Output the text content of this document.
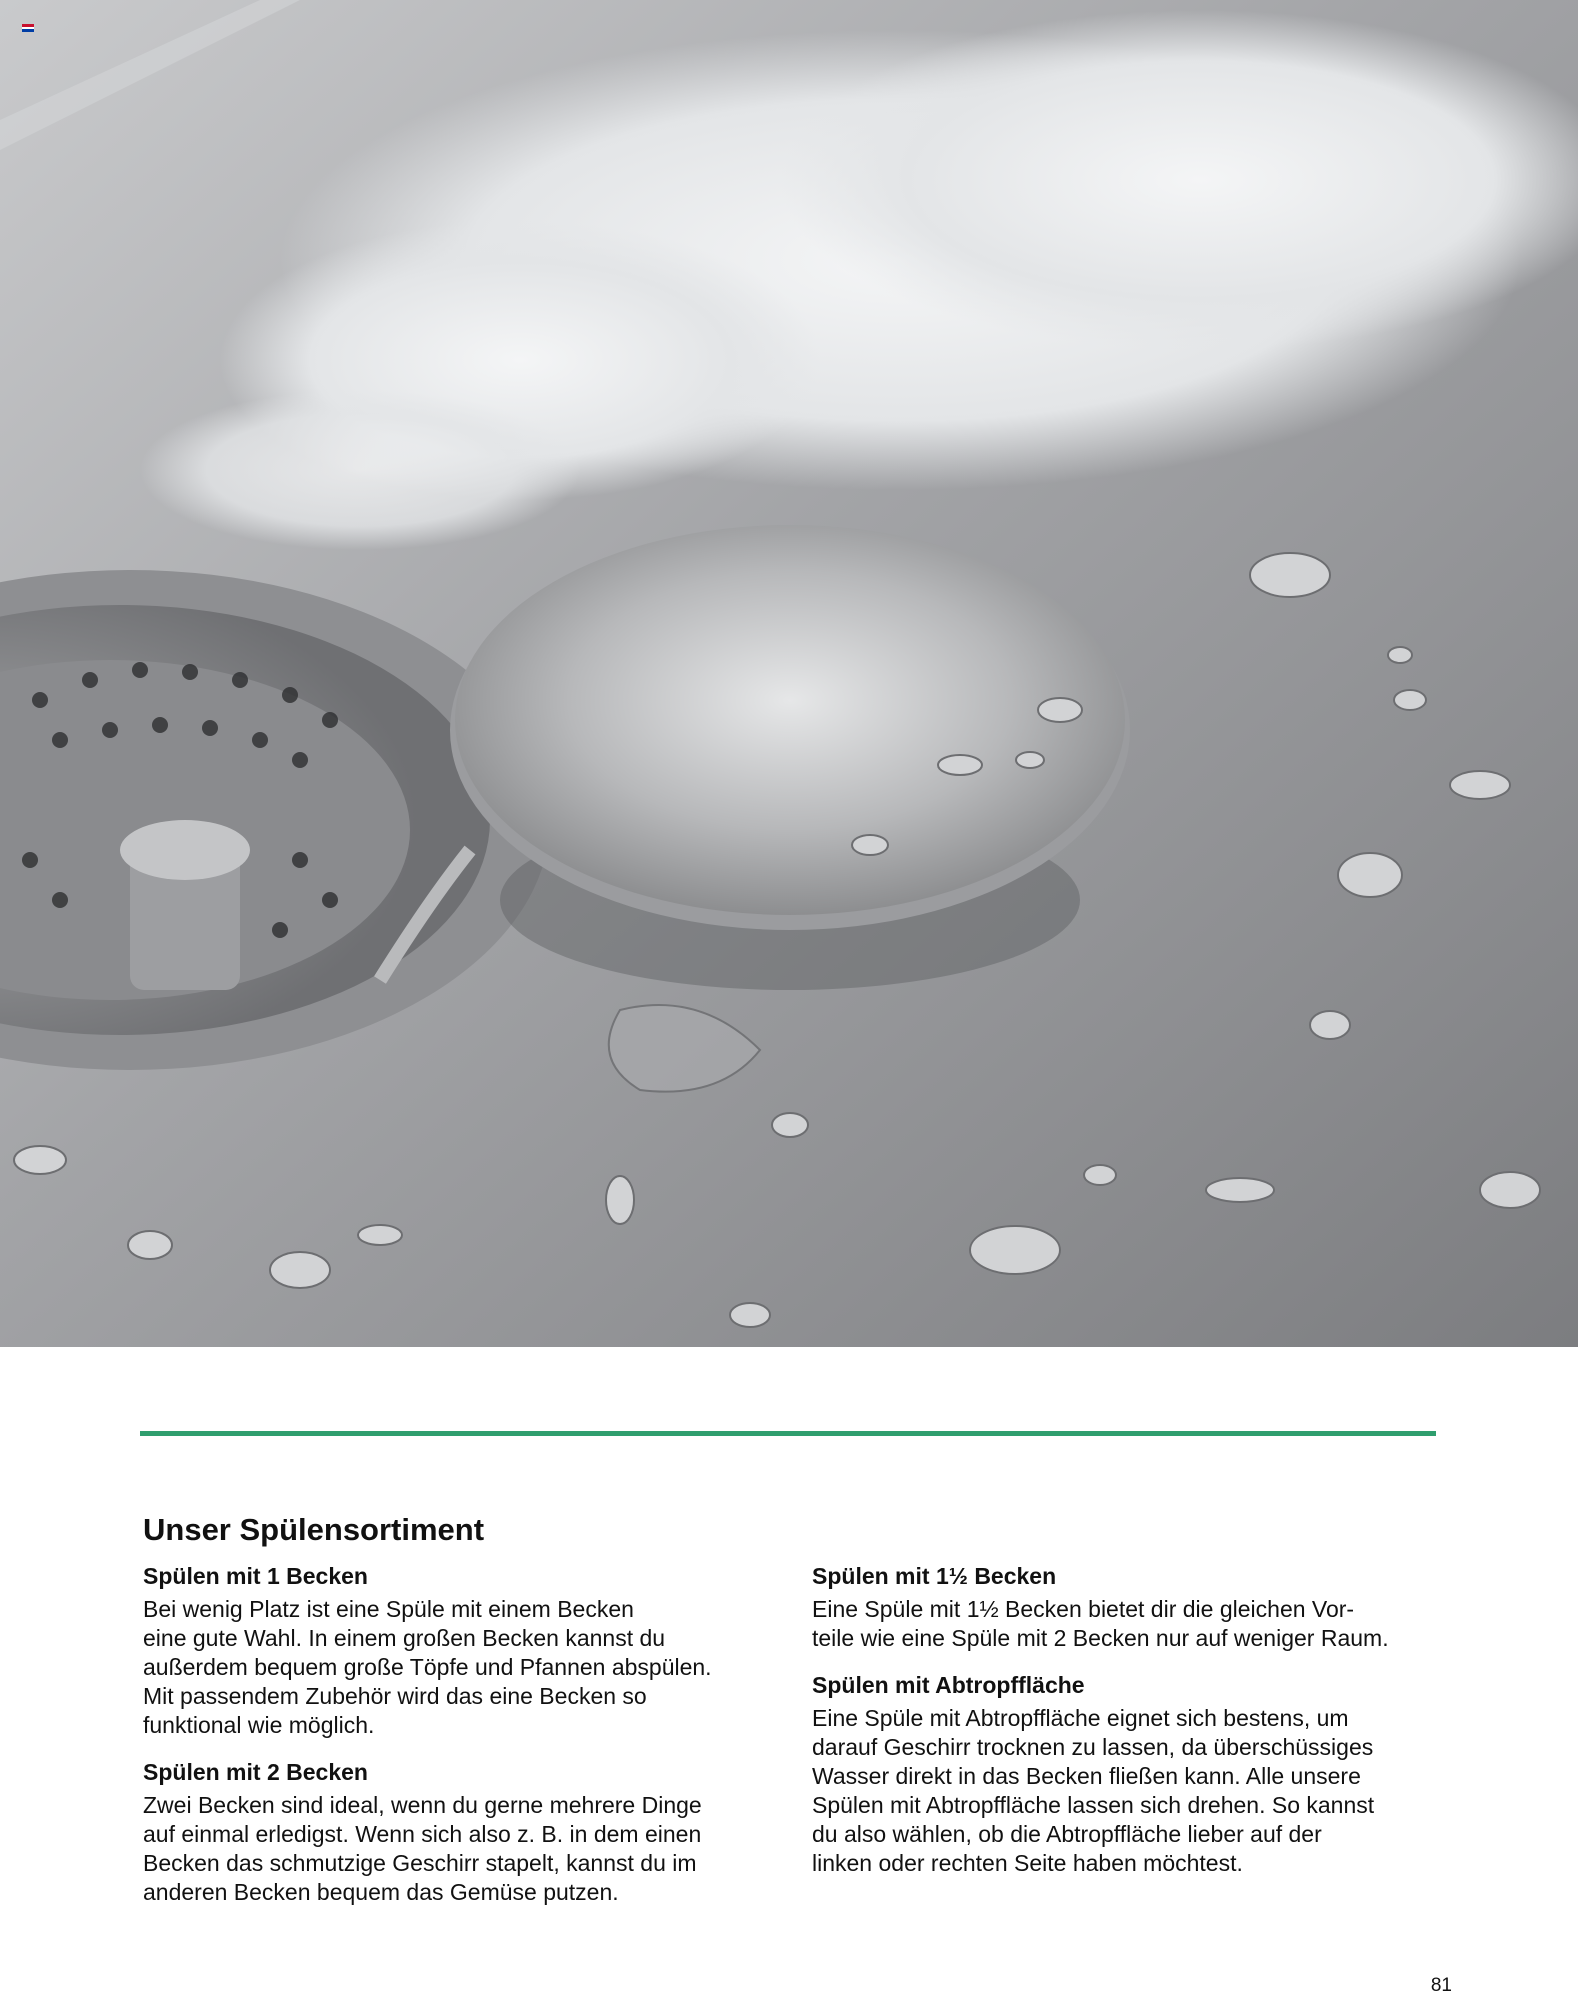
Unser Spülensortiment
Spülen mit 1 Becken

Bei wenig Platz ist eine Spüle mit einem Becken
eine gute Wahl. In einem großen Becken kannst du
außerdem bequem große Töpfe und Pfannen abspülen.
Mit passendem Zubehör wird das eine Becken so
funktional wie möglich.

Spülen mit 2 Becken

Zwei Becken sind ideal, wenn du gerne mehrere Dinge
auf einmal erledigst. Wenn sich also z. B. in dem einen
Becken das schmutzige Geschirr stapelt, kannst du im
anderen Becken bequem das Gemüse putzen.

Spülen mit 1½ Becken

Eine Spüle mit 1½ Becken bietet dir die gleichen Vor-
teile wie eine Spüle mit 2 Becken nur auf weniger Raum.

Spülen mit Abtropffläche

Eine Spüle mit Abtropffläche eignet sich bestens, um
darauf Geschirr trocknen zu lassen, da überschüssiges
Wasser direkt in das Becken fließen kann. Alle unsere
Spülen mit Abtropffläche lassen sich drehen. So kannst
du also wählen, ob die Abtropffläche lieber auf der
linken oder rechten Seite haben möchtest.

81
